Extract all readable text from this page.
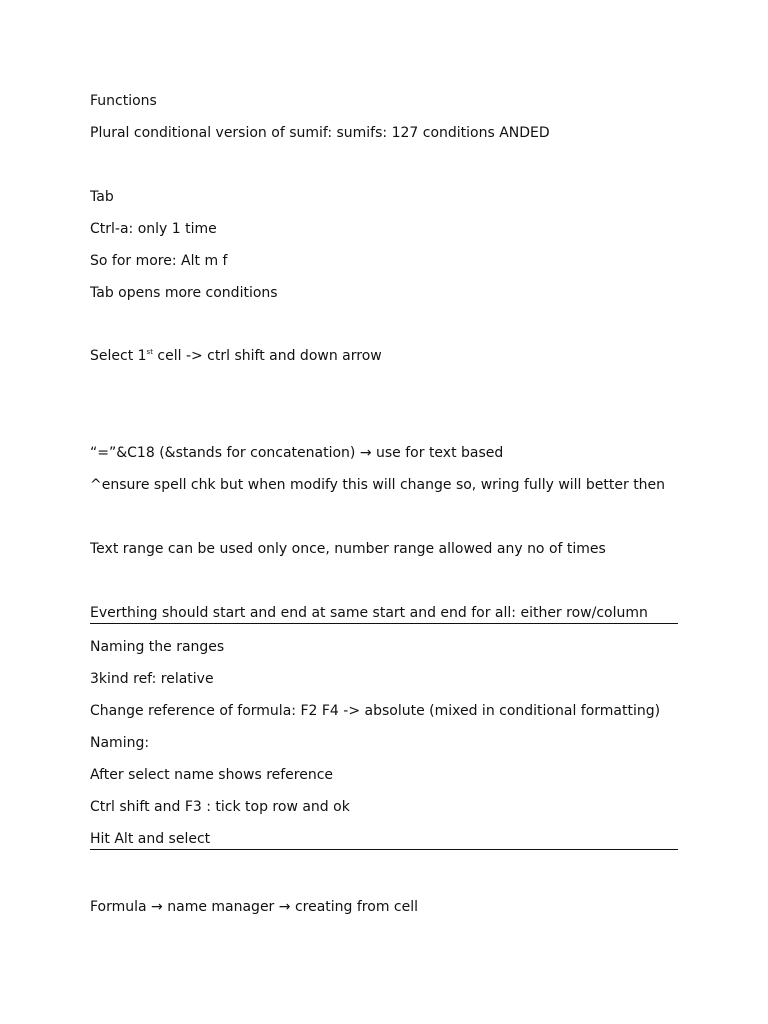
Functions
Plural conditional version of sumif: sumifs: 127 conditions ANDED
Tab
Ctrl-a: only 1 time
So for more: Alt m f
Tab opens more conditions
Select 1st cell -> ctrl shift and down arrow
“=”&C18 (&stands for concatenation) → use for text based
^ensure spell chk but when modify this will change so, wring fully will better then
Text range can be used only once, number range allowed any no of times
Everthing should start and end at same start and end for all: either row/column
Naming the ranges
3kind ref: relative
Change reference of formula: F2 F4 -> absolute (mixed in conditional formatting)
Naming:
After select name shows reference
Ctrl shift and F3 : tick top row and ok
Hit Alt and select
Formula → name manager → creating from cell
